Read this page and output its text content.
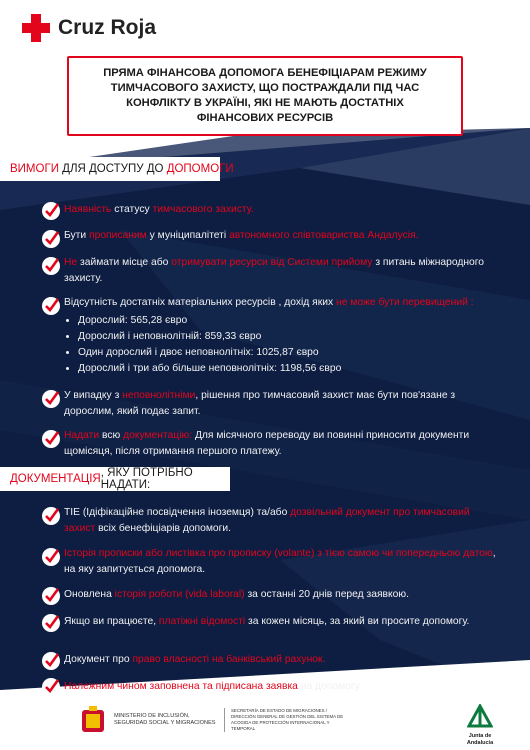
Cruz Roja
ПРЯМА ФІНАНСОВА ДОПОМОГА БЕНЕФІЦІАРАМ РЕЖИМУ ТИМЧАСОВОГО ЗАХИСТУ, ЩО ПОСТРАЖДАЛИ ПІД ЧАС КОНФЛІКТУ В УКРАЇНІ, ЯКІ НЕ МАЮТЬ ДОСТАТНІХ ФІНАНСОВИХ РЕСУРСІВ
ВИМОГИ ДЛЯ ДОСТУПУ ДО ДОПОМОГИ
Наявність статусу тимчасового захисту.
Бути прописаним у муніципалітеті автономного співтовариства Андалусія.
Не займати місце або отримувати ресурси від Системи прийому з питань міжнародного захисту.
Відсутність достатніх матеріальних ресурсів , дохід яких не може бути перевищений :
• Дорослий: 565,28 євро
• Дорослий і неповнолітній: 859,33 євро
• Один дорослий і двоє неповнолітніх: 1025,87 євро
• Дорослий і три або більше неповнолітніх: 1198,56 євро
У випадку з неповнолітніми, рішення про тимчасовий захист має бути пов'язане з дорослим, який подає запит.
Надати всю документацію: Для місячного переводу ви повинні приносити документи щомісяця, після отримання першого платежу.
ДОКУМЕНТАЦІЯ , ЯКУ ПОТРІБНО НАДАТИ:
TIE (Ідіфікаційне посвідчення іноземця) та/або дозвільний документ про тимчасовий захист всіх бенефіціарів допомоги.
Історія прописки або листівка про прописку (volante) з тією самою чи попередньою датою, на яку запитується допомога.
Оновлена історія роботи (vida laboral) за останні 20 днів перед заявкою.
Якщо ви працюєте, платіжні відомості за кожен місяць, за який ви просите допомогу.
Документ про право власності на банківський рахунок.
Належним чином заповнена та підписана заявка на допомогу.
MINISTERIO DE INCLUSIÓN, SEGURIDAD SOCIAL Y MIGRACIONES
SECRETARÍA DE ESTADO DE MIGRACIONES / DIRECCIÓN GENERAL DE GESTIÓN DEL SISTEMA DE ACOGIDA DE PROTECCIÓN INTERNACIONAL Y TEMPORAL
Junta de Andalucía
